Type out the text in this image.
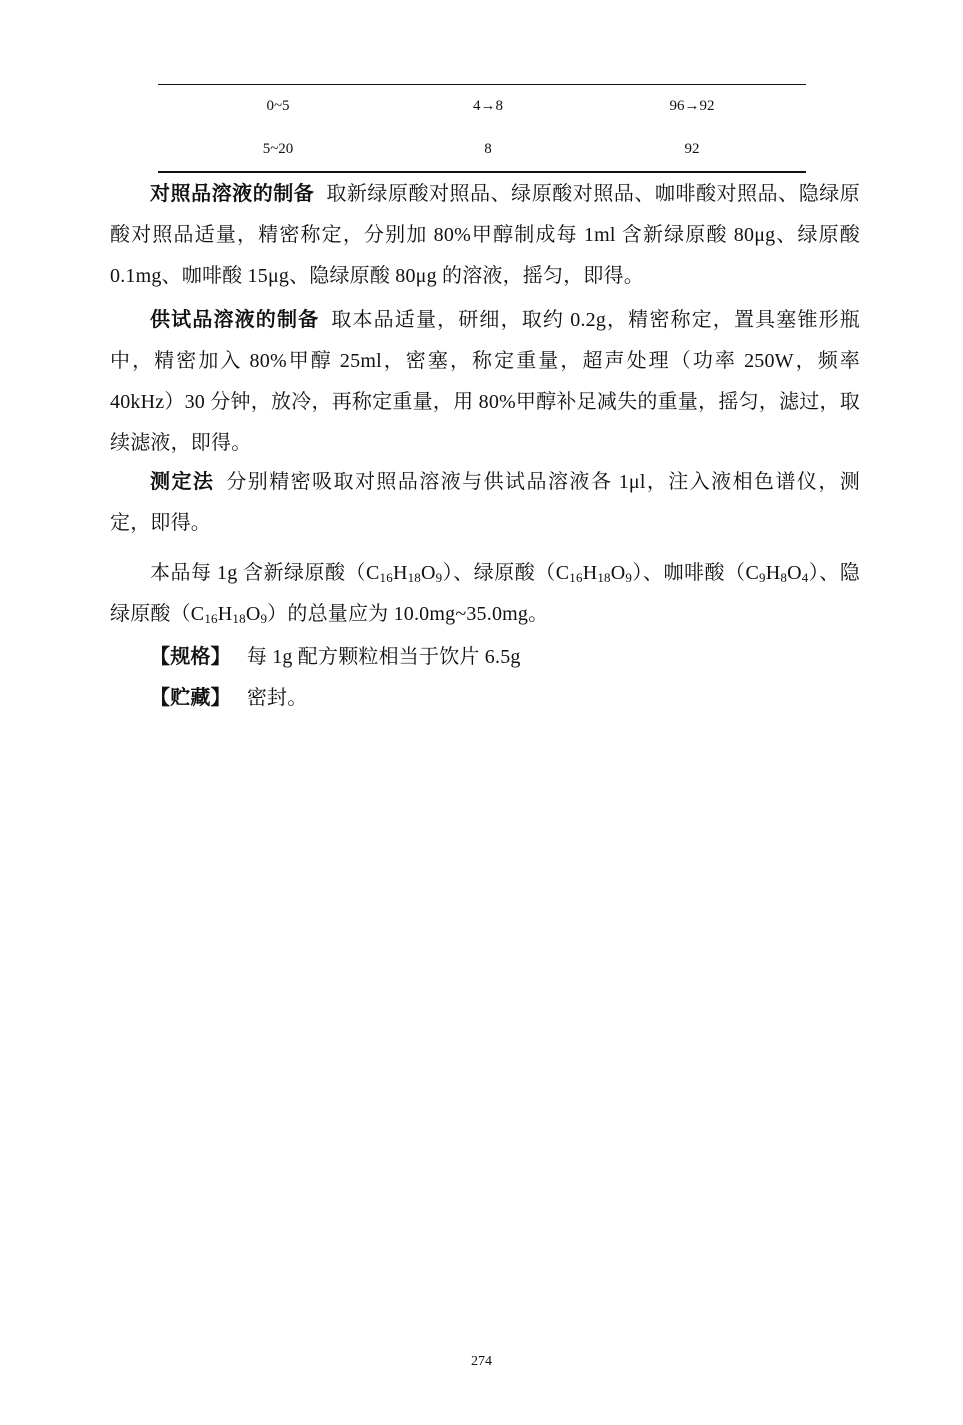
0~5	4→8	96→92
5~20	8	92
对照品溶液的制备 取新绿原酸对照品、绿原酸对照品、咖啡酸对照品、隐绿原酸对照品适量，精密称定，分别加 80%甲醇制成每 1ml 含新绿原酸 80μg、绿原酸 0.1mg、咖啡酸 15μg、隐绿原酸 80μg 的溶液，摇匀，即得。
供试品溶液的制备 取本品适量，研细，取约 0.2g，精密称定，置具塞锥形瓶中，精密加入 80%甲醇 25ml，密塞，称定重量，超声处理（功率 250W，频率 40kHz）30 分钟，放冷，再称定重量，用 80%甲醇补足减失的重量，摇匀，滤过，取续滤液，即得。
测定法 分别精密吸取对照品溶液与供试品溶液各 1μl，注入液相色谱仪，测定，即得。
本品每 1g 含新绿原酸$(C_{16}H_{18}O_9)$、绿原酸$(C_{16}H_{18}O_9)$、咖啡酸$(C_9H_8O_4)$、隐绿原酸$(C_{16}H_{18}O_9)$的总量应为 10.0mg~35.0mg。
【规格】 每 1g 配方颗粒相当于饮片 6.5g
【贮藏】 密封。
274
